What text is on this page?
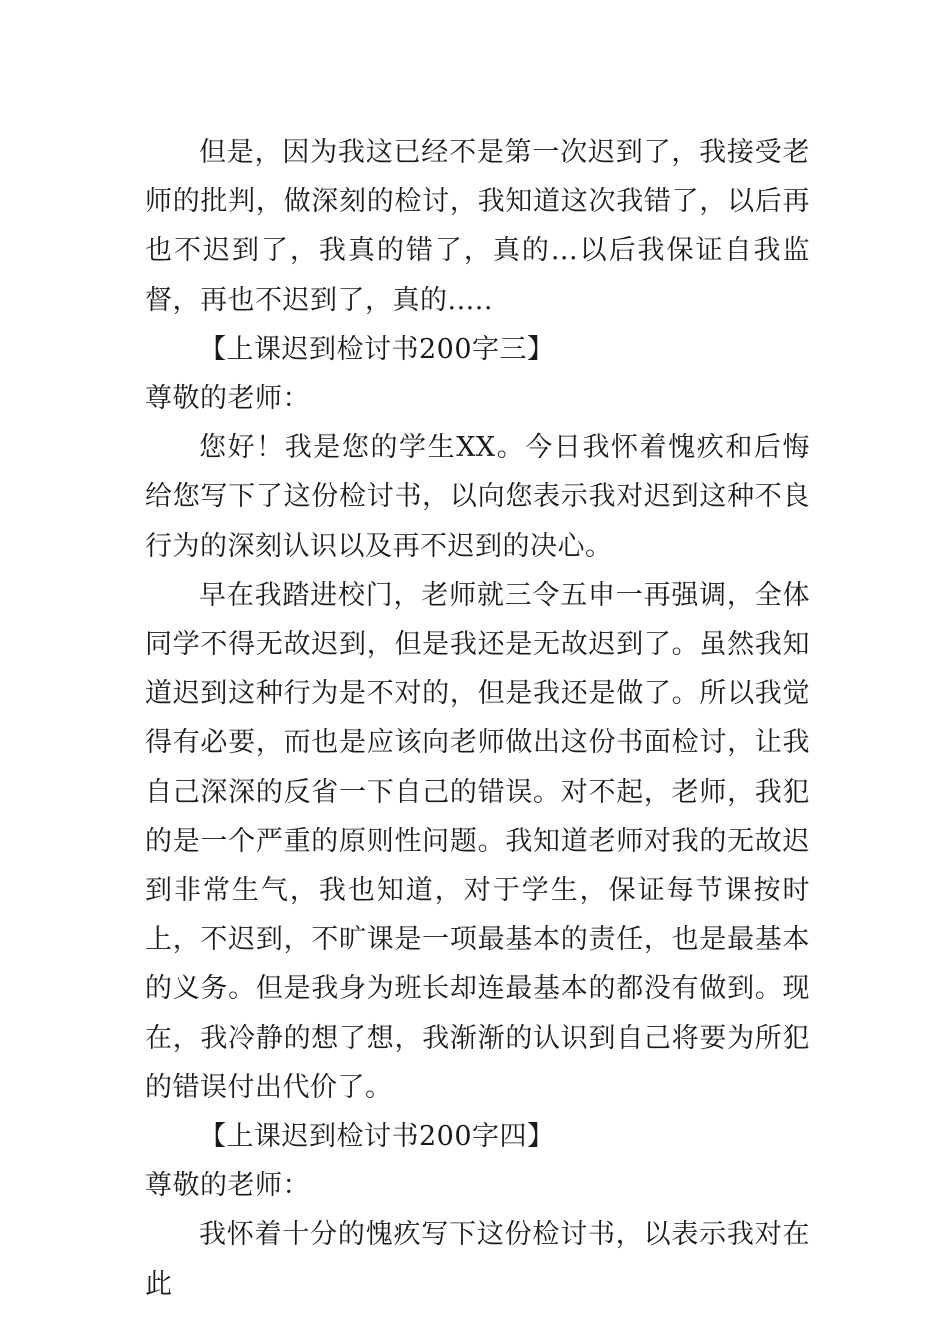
但是，因为我这已经不是第一次迟到了，我接受老师的批判，做深刻的检讨，我知道这次我错了，以后再也不迟到了，我真的错了，真的...以后我保证自我监督，再也不迟到了，真的.....

【上课迟到检讨书200字三】

尊敬的老师：

您好！我是您的学生XX。今日我怀着愧疚和后悔给您写下了这份检讨书，以向您表示我对迟到这种不良行为的深刻认识以及再不迟到的决心。

早在我踏进校门，老师就三令五申一再强调，全体同学不得无故迟到，但是我还是无故迟到了。虽然我知道迟到这种行为是不对的，但是我还是做了。所以我觉得有必要，而也是应该向老师做出这份书面检讨，让我自己深深的反省一下自己的错误。对不起，老师，我犯的是一个严重的原则性问题。我知道老师对我的无故迟到非常生气，我也知道，对于学生，保证每节课按时上，不迟到，不旷课是一项最基本的责任，也是最基本的义务。但是我身为班长却连最基本的都没有做到。现在，我冷静的想了想，我渐渐的认识到自己将要为所犯的错误付出代价了。

【上课迟到检讨书200字四】

尊敬的老师：

我怀着十分的愧疚写下这份检讨书，以表示我对在此
